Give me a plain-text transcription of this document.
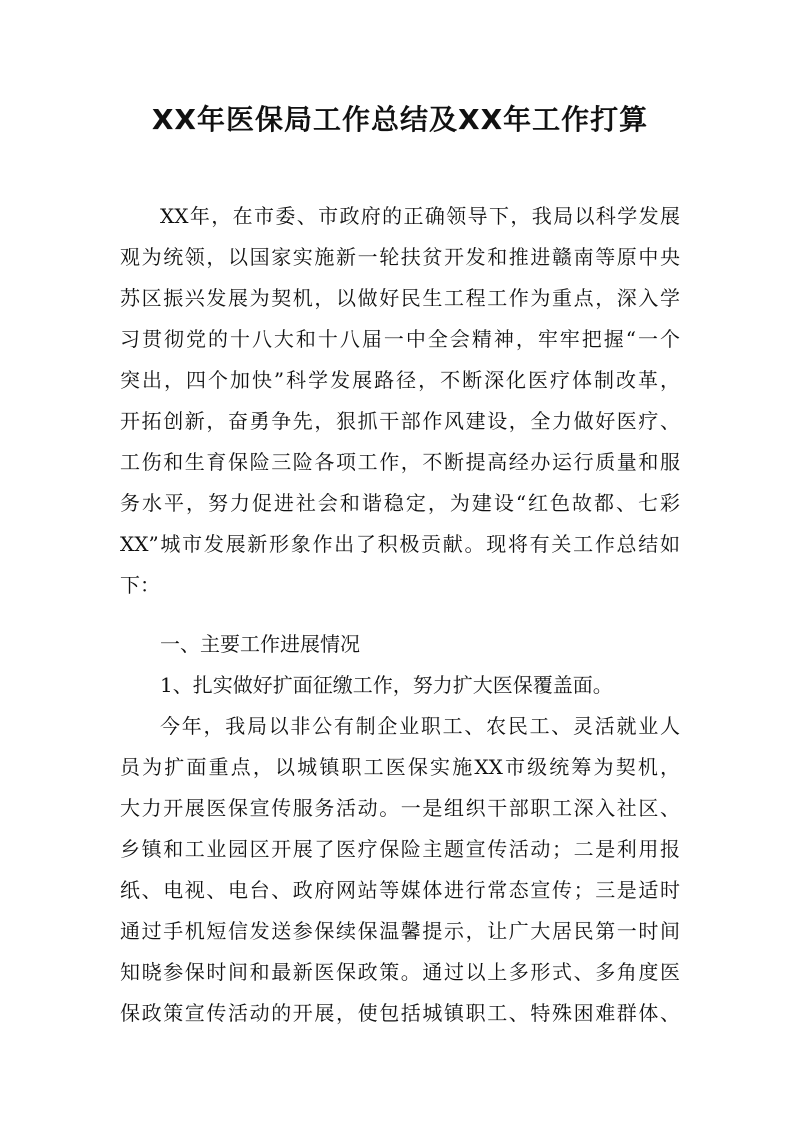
XX年医保局工作总结及XX年工作打算
XX年，在市委、市政府的正确领导下，我局以科学发展
观为统领，以国家实施新一轮扶贫开发和推进赣南等原中央
苏区振兴发展为契机，以做好民生工程工作为重点，深入学
习贯彻党的十八大和十八届一中全会精神，牢牢把握“一个
突出，四个加快”科学发展路径，不断深化医疗体制改革，
开拓创新，奋勇争先，狠抓干部作风建设，全力做好医疗、
工伤和生育保险三险各项工作，不断提高经办运行质量和服
务水平，努力促进社会和谐稳定，为建设“红色故都、七彩
XX”城市发展新形象作出了积极贡献。现将有关工作总结如
下：
一、主要工作进展情况
1、扎实做好扩面征缴工作，努力扩大医保覆盖面。
今年，我局以非公有制企业职工、农民工、灵活就业人
员为扩面重点，以城镇职工医保实施XX市级统筹为契机，
大力开展医保宣传服务活动。一是组织干部职工深入社区、
乡镇和工业园区开展了医疗保险主题宣传活动；二是利用报
纸、电视、电台、政府网站等媒体进行常态宣传；三是适时
通过手机短信发送参保续保温馨提示，让广大居民第一时间
知晓参保时间和最新医保政策。通过以上多形式、多角度医
保政策宣传活动的开展，使包括城镇职工、特殊困难群体、
